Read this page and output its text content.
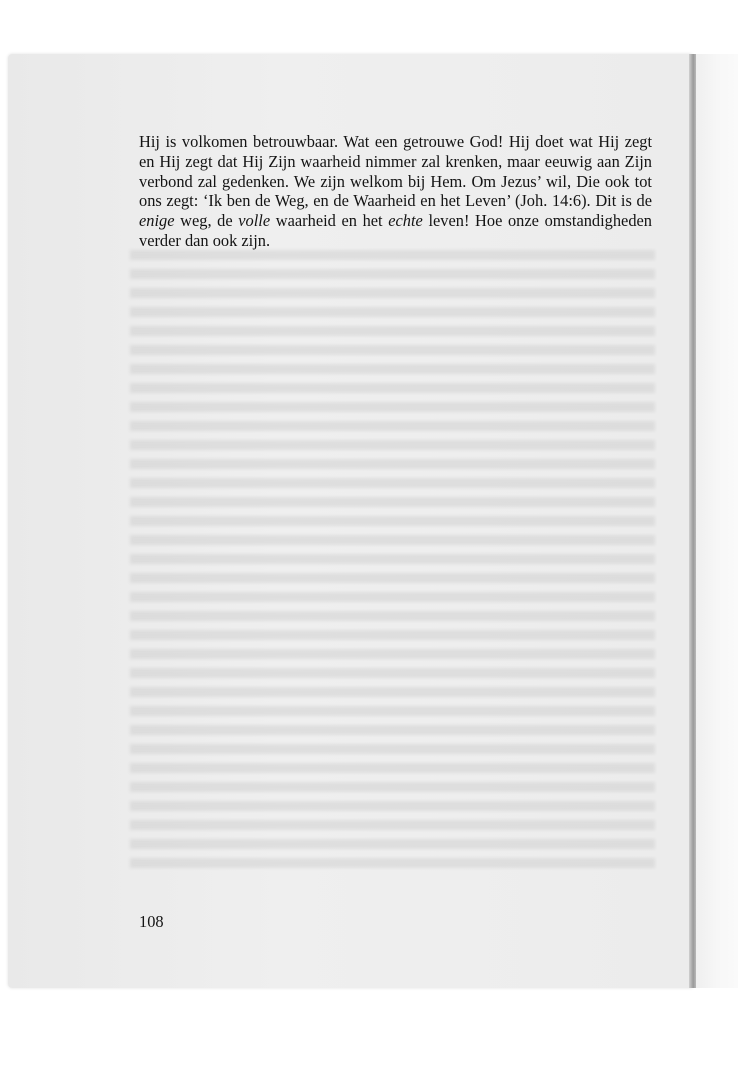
Hij is volkomen betrouwbaar. Wat een getrouwe God! Hij doet wat Hij zegt en Hij zegt dat Hij Zijn waarheid nimmer zal krenken, maar eeuwig aan Zijn verbond zal gedenken. We zijn welkom bij Hem. Om Jezus’ wil, Die ook tot ons zegt: ‘Ik ben de Weg, en de Waarheid en het Leven’ (Joh. 14:6). Dit is de enige weg, de volle waarheid en het echte leven! Hoe onze omstandigheden verder dan ook zijn.

108
